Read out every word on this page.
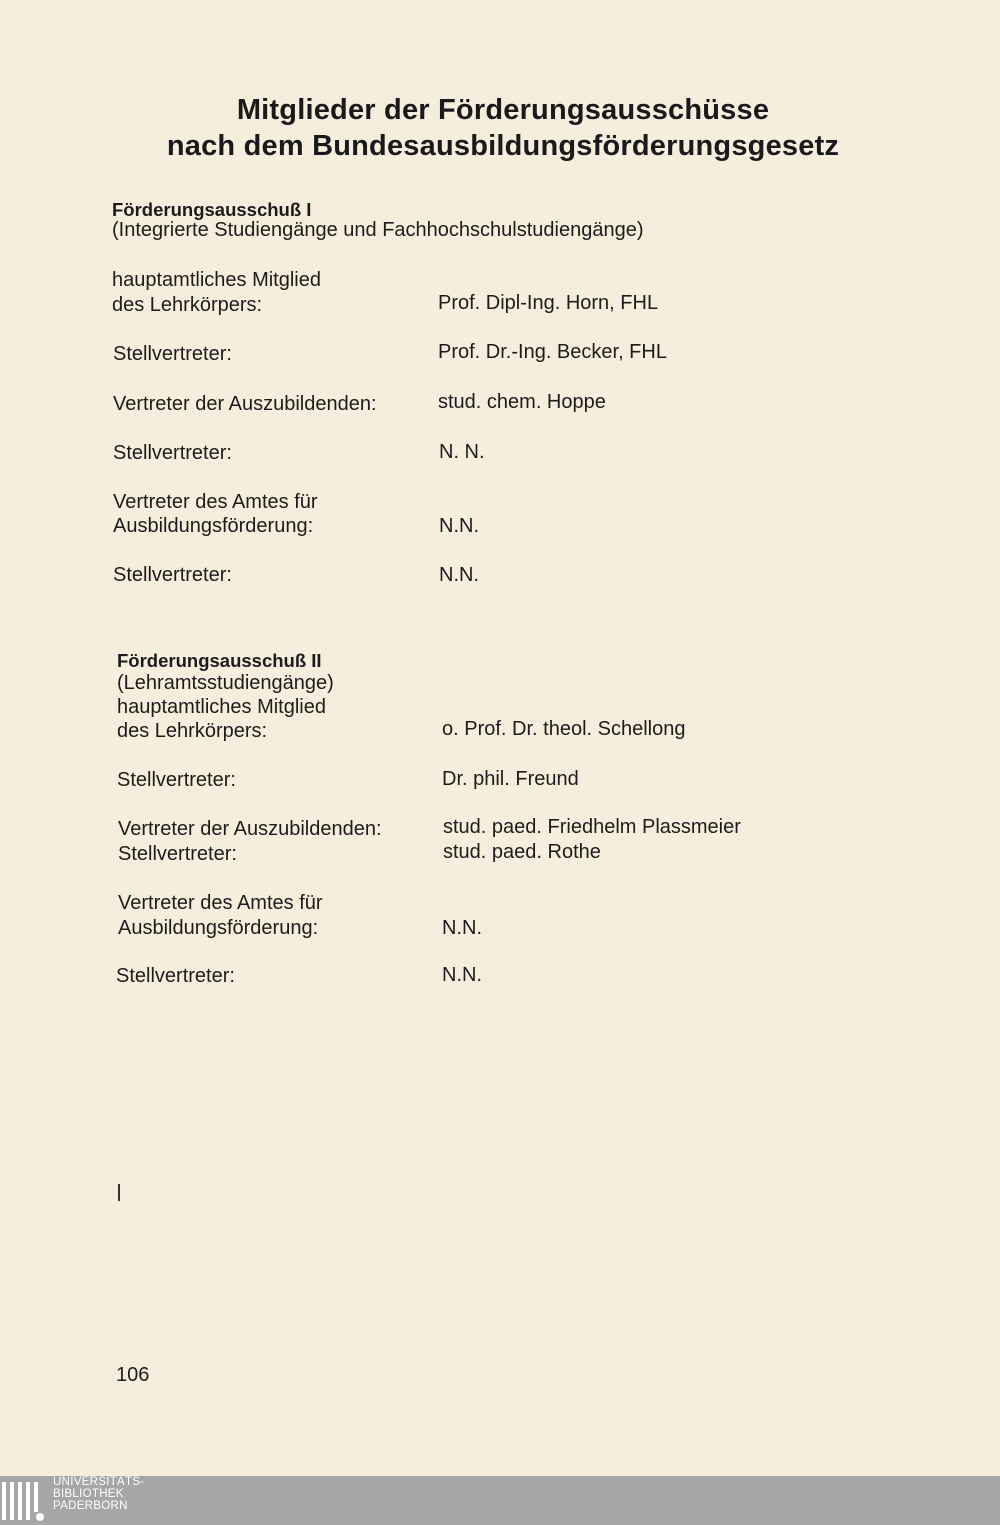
Mitglieder der Förderungsausschüsse
nach dem Bundesausbildungsförderungsgesetz
Förderungsausschuß I
(Integrierte Studiengänge und Fachhochschulstudiengänge)
hauptamtliches Mitglied
des Lehrkörpers:	Prof. Dipl-Ing. Horn, FHL
Stellvertreter:	Prof. Dr.-Ing. Becker, FHL
Vertreter der Auszubildenden:	stud. chem. Hoppe
Stellvertreter:	N. N.
Vertreter des Amtes für
Ausbildungsförderung:	N.N.
Stellvertreter:	N.N.
Förderungsausschuß II
(Lehramtsstudiengänge)
hauptamtliches Mitglied
des Lehrkörpers:	o. Prof. Dr. theol. Schellong
Stellvertreter:	Dr. phil. Freund
Vertreter der Auszubildenden:	stud. paed. Friedhelm Plassmeier
Stellvertreter:	stud. paed. Rothe
Vertreter des Amtes für
Ausbildungsförderung:	N.N.
Stellvertreter:	N.N.
106
UNIVERSITÄTS-
BIBLIOTHEK
PADERBORN
